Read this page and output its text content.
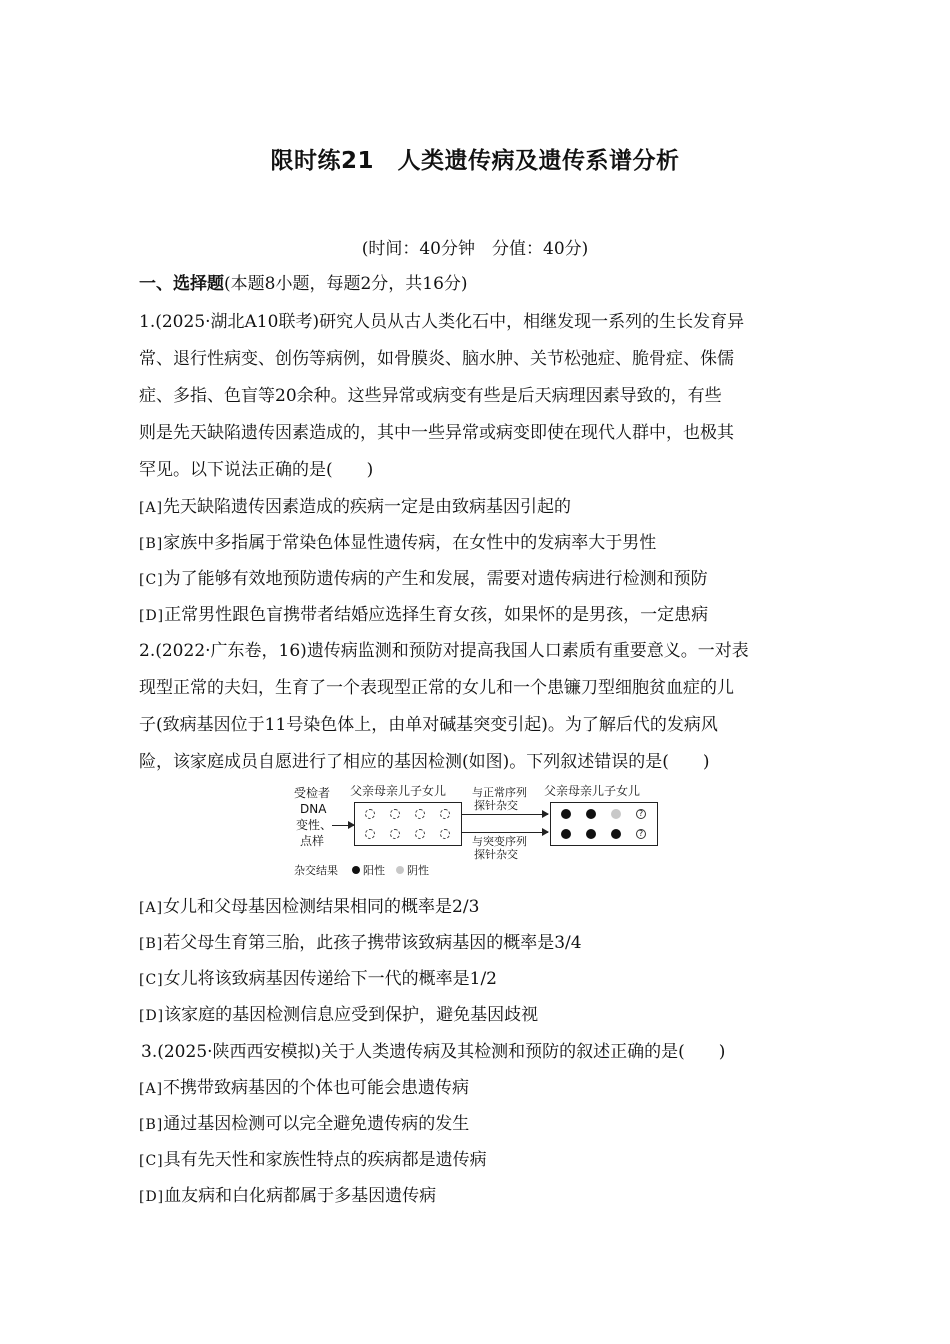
限时练21　人类遗传病及遗传系谱分析
(时间：40分钟　分值：40分)
一、选择题(本题8小题，每题2分，共16分)
1.(2025·湖北A10联考)研究人员从古人类化石中，相继发现一系列的生长发育异
常、退行性病变、创伤等病例，如骨膜炎、脑水肿、关节松弛症、脆骨症、侏儒
症、多指、色盲等20余种。这些异常或病变有些是后天病理因素导致的，有些
则是先天缺陷遗传因素造成的，其中一些异常或病变即使在现代人群中，也极其
罕见。以下说法正确的是(　　)
[A]先天缺陷遗传因素造成的疾病一定是由致病基因引起的
[B]家族中多指属于常染色体显性遗传病，在女性中的发病率大于男性
[C]为了能够有效地预防遗传病的产生和发展，需要对遗传病进行检测和预防
[D]正常男性跟色盲携带者结婚应选择生育女孩，如果怀的是男孩，一定患病
2.(2022·广东卷，16)遗传病监测和预防对提高我国人口素质有重要意义。一对表
现型正常的夫妇，生育了一个表现型正常的女儿和一个患镰刀型细胞贫血症的儿
子(致病基因位于11号染色体上，由单对碱基突变引起)。为了解后代的发病风
险，该家庭成员自愿进行了相应的基因检测(如图)。下列叙述错误的是(　　)
受检者
DNA
变性、
点样
父亲母亲儿子女儿 与正常序列
探针杂交
与突变序列
探针杂交
父亲母亲儿子女儿
?
?
杂交结果 阳性 阴性
[A]女儿和父母基因检测结果相同的概率是2/3
[B]若父母生育第三胎，此孩子携带该致病基因的概率是3/4
[C]女儿将该致病基因传递给下一代的概率是1/2
[D]该家庭的基因检测信息应受到保护，避免基因歧视
3.(2025·陕西西安模拟)关于人类遗传病及其检测和预防的叙述正确的是(　　)
[A]不携带致病基因的个体也可能会患遗传病
[B]通过基因检测可以完全避免遗传病的发生
[C]具有先天性和家族性特点的疾病都是遗传病
[D]血友病和白化病都属于多基因遗传病
